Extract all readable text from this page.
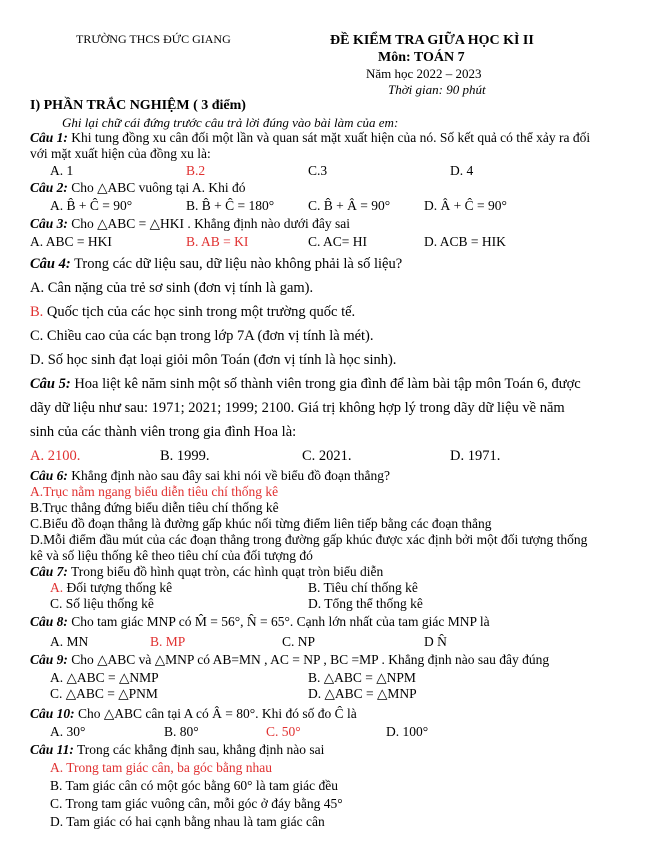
TRƯỜNG THCS ĐỨC GIANG	ĐỀ KIỂM TRA GIỮA HỌC KÌ II
Môn: TOÁN 7
Năm học 2022 – 2023
Thời gian: 90 phút
I) PHẦN TRẮC NGHIỆM ( 3 điểm)
Ghi lại chữ cái đứng trước câu trả lời đúng vào bài làm của em:
Câu 1: Khi tung đồng xu cân đối một lần và quan sát mặt xuất hiện của nó. Số kết quả có thể xảy ra đối
với mặt xuất hiện của đồng xu là:
A. 1	B.2	C.3	D. 4
Câu 2: Cho △ABC vuông tại A. Khi đó
A. B̂ + Ĉ = 90°	B. B̂ + Ĉ = 180°	C. B̂ + Â = 90°	D. Â + Ĉ = 90°
Câu 3: Cho △ABC = △HKI . Khẳng định nào dưới đây sai
A. ABC = HKI	B. AB = KI	C. AC= HI	D. ACB = HIK
Câu 4: Trong các dữ liệu sau, dữ liệu nào không phải là số liệu?
A. Cân nặng của trẻ sơ sinh (đơn vị tính là gam).
B. Quốc tịch của các học sinh trong một trường quốc tế.
C. Chiều cao của các bạn trong lớp 7A (đơn vị tính là mét).
D. Số học sinh đạt loại giỏi môn Toán (đơn vị tính là học sinh).
Câu 5: Hoa liệt kê năm sinh một số thành viên trong gia đình để làm bài tập môn Toán 6, được
dãy dữ liệu như sau: 1971; 2021; 1999; 2100. Giá trị không hợp lý trong dãy dữ liệu về năm
sinh của các thành viên trong gia đình Hoa là:
A. 2100.	B. 1999.	C. 2021.	D. 1971.
Câu 6: Khẳng định nào sau đây sai khi nói về biểu đồ đoạn thẳng?
A.Trục nằm ngang biểu diễn tiêu chí thống kê
B.Trục thẳng đứng biểu diễn tiêu chí thống kê
C.Biểu đồ đoạn thẳng là đường gấp khúc nối từng điểm liên tiếp bằng các đoạn thẳng
D.Mỗi điểm đầu mút của các đoạn thẳng trong đường gấp khúc được xác định bởi một đối tượng thống
kê và số liệu thống kê theo tiêu chí của đối tượng đó
Câu 7: Trong biểu đồ hình quạt tròn, các hình quạt tròn biểu diễn
A. Đối tượng thống kê	B. Tiêu chí thống kê
C. Số liệu thống kê	D. Tổng thể thống kê
Câu 8: Cho tam giác MNP có M̂ = 56°, N̂ = 65°. Cạnh lớn nhất của tam giác MNP là
A. MN	B. MP	C. NP	D N̂
Câu 9: Cho △ABC và △MNP có AB=MN , AC = NP , BC =MP . Khẳng định nào sau đây đúng
A. △ABC = △NMP	B. △ABC = △NPM
C. △ABC = △PNM	D. △ABC = △MNP
Câu 10: Cho △ABC cân tại A có Â = 80°. Khi đó số đo Ĉ là
A. 30°	B. 80°	C. 50°	D. 100°
Câu 11: Trong các khẳng định sau, khẳng định nào sai
A. Trong tam giác cân, ba góc bằng nhau
B. Tam giác cân có một góc bằng 60° là tam giác đều
C. Trong tam giác vuông cân, mỗi góc ở đáy bằng 45°
D. Tam giác có hai cạnh bằng nhau là tam giác cân
